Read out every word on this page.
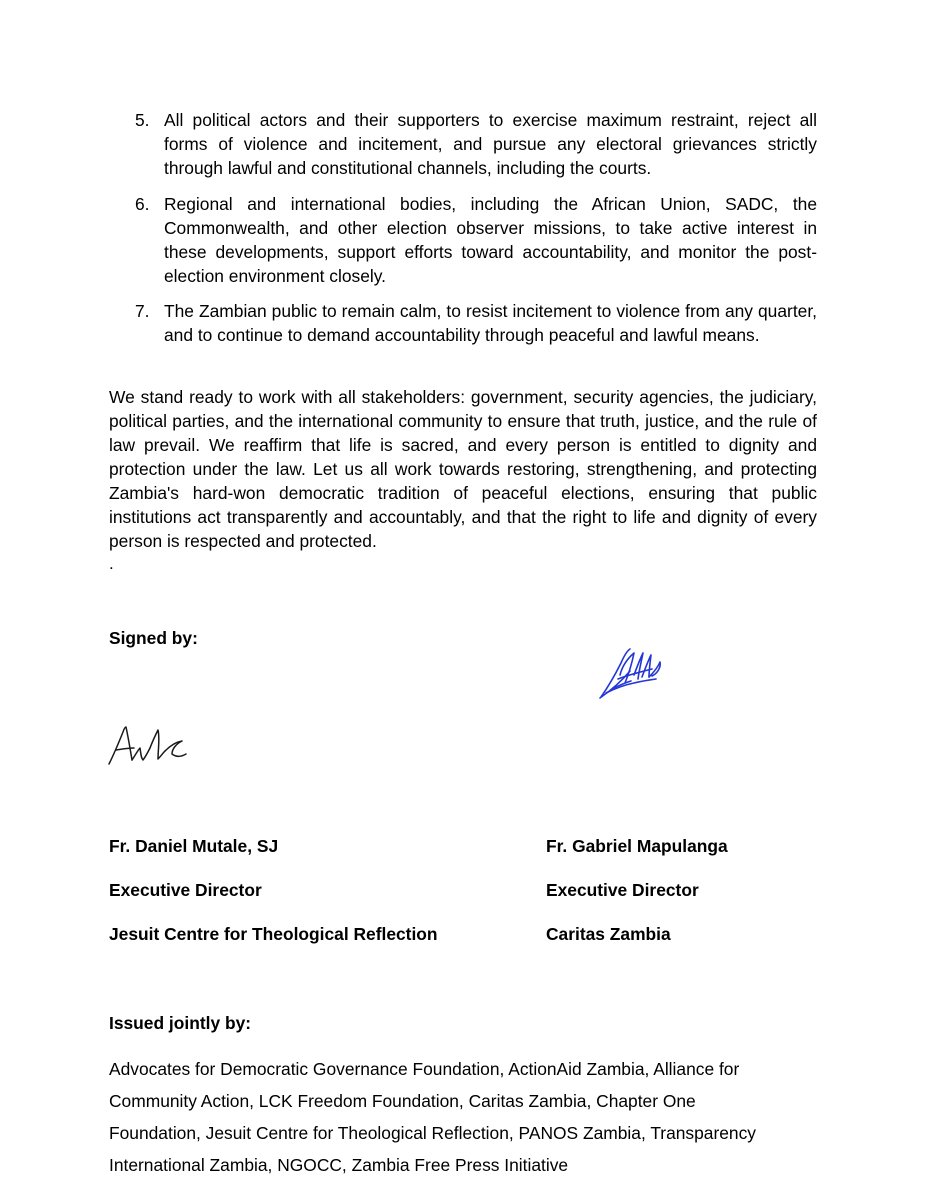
5. All political actors and their supporters to exercise maximum restraint, reject all forms of violence and incitement, and pursue any electoral grievances strictly through lawful and constitutional channels, including the courts.
6. Regional and international bodies, including the African Union, SADC, the Commonwealth, and other election observer missions, to take active interest in these developments, support efforts toward accountability, and monitor the post-election environment closely.
7. The Zambian public to remain calm, to resist incitement to violence from any quarter, and to continue to demand accountability through peaceful and lawful means.

We stand ready to work with all stakeholders: government, security agencies, the judiciary, political parties, and the international community to ensure that truth, justice, and the rule of law prevail. We reaffirm that life is sacred, and every person is entitled to dignity and protection under the law. Let us all work towards restoring, strengthening, and protecting Zambia's hard-won democratic tradition of peaceful elections, ensuring that public institutions act transparently and accountably, and that the right to life and dignity of every person is respected and protected.

.

Signed by:

Fr. Daniel Mutale, SJ

Executive Director

Jesuit Centre for Theological Reflection

Fr. Gabriel Mapulanga

Executive Director

Caritas Zambia

Issued jointly by:

Advocates for Democratic Governance Foundation, ActionAid Zambia, Alliance for
Community Action, LCK Freedom Foundation, Caritas Zambia, Chapter One
Foundation, Jesuit Centre for Theological Reflection, PANOS Zambia, Transparency
International Zambia, NGOCC, Zambia Free Press Initiative
